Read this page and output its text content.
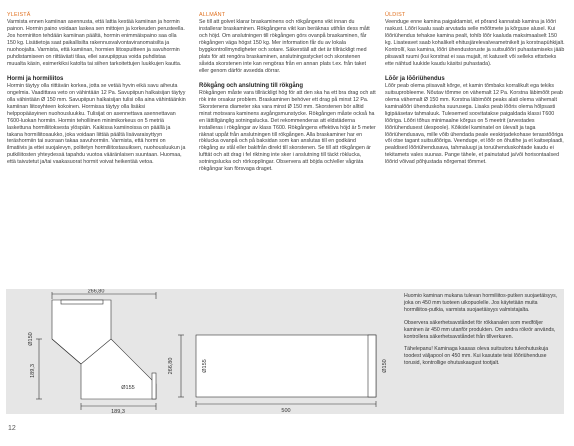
YLEISTÄ

Varmista ennen kamiinan asennusta, että lattia kestää kamiinan ja hormin painon. Hormin paino voidaan laskea sen mittojen ja korkeuden perusteella. Jos hormiriiton tehdään kamiinan päältä, hormin enimmäispaino saa olla 150 kg. Lisätietoja saat paikallisilta rakennusvalvontaviranomaisilta ja nuohoojalta. Varmista, että kamiinan, hormien liitospuitteen ja savuhormin puhdistamiseen on riittävästi tilaa, ellei savupiippua voida puhdistaa muualta käsin, esimerkiksi katolta tai siihen tarkoitettujen luukkujen kautta.

Hormi ja hormiliitos

Hormin täytyy olla riittävän korkea, jotta se vetää hyvin eikä savu aiheuta ongelmia. Vaadittava veto on vähintään 12 Pa. Savupiipun halkaisijan täytyy olla vähintään Ø 150 mm. Savupiipun halkaisijan tulisi olla aina vähintäänkin kamiinan liitosyhteen kokoinen. Hormissa täytyy olla lisäksi helppopääsyinen nuohousluukku. Tulisijat on asennettava asennettavan T600-luokan hormiin. Hormin teholliinen minimikorkeus on 5 metriä laskettuna hormiliitoksesta ylöspäin. Kaikissa kamiinoissa on päällä ja takana hormiliitosaukko, joka voidaan liittää päältä lisävaraisyttyyn teräshormiin tai suoraan takaa savuhormiin. Varmista, että hormi on ilmatiivis ja ettei suojalevyn, politetyn hormiliitostasuiksen, nuohousluukun ja putkiliitosten yhteydessä tapahdu vuotoa vääränlaisen suuntaan. Huomaa, että taivutetut ja/tai vaakasuorat hormit voivat heikentää vetoa.

ALLMÄNT

Se till att golvet klarar braskaminens och rökgångens vikt innan du installerar braskaminen. Rökgångens vikt kan beräknas utifrån dess mått och höjd. Om anslutningen till rökgången görs ovanpå braskaminen, får rökgången väga högst 150 kg. Mer information får du av lokala byggkontrollmyndigheter och sotare. Säkerställ att det är tillräckligt med plats för att rengöra braskaminen, anslutningsstycket och skorstenen såvida skorstenen inte kan rengöras från en annan plats t.ex. från taket eller genom därför avsedda dörrar.

Rökgång och anslutning till rökgång

Rökgången måste vara tillräckligt hög för att den ska ha ett bra drag och att rök inte orsakar problem. Braskaminen behöver ett drag på minst 12 Pa. Skorstenens diameter ska vara minst Ø 150 mm. Skorstenen bör alltid minst motsvara kaminens avgångsmunstycke. Rökgången måste också ha en lättillgänglig sotningslucka. Det rekommenderas att eldstäderna installeras i rökgångar av klass T600. Rökgångens effektiva höjd är 5 meter räknat uppåt från anslutningen till rökgången. Alla braskaminer har en röklucka ovanpå och på baksidan som kan anslutas till en godkänd rökgång av stål eller bakifrån direkt till skorstenen. Se till att rökgången är lufttät och att drag i fel riktning inte sker i anslutning till täckt röklucka, sotningslucka och rörkopplingar. Observera att böjda och/eller vågräta rökgångar kan försvaga draget.

ÜLDIST

Veenduge enne kamina paigaldamist, et põrand kannatab kamina ja lõõri raskust. Lõõri kaalu saab arvutada selle mõõtmete ja kõrguse alusel. Kui lõõriühendus tehakse kamina pealt, tohib lõõr kaaluda maksimaalselt 150 kg. Lisateavet saab kohalikelt ehitusjärelevalveametnikelt ja korstnapühkijalt. Kontrollí, kas kamina, lõõri ühendustoruste ja suitsulõõri puhastamiseks jääb piisavalt ruumi (kui korstnat ei saa mujalt, nt katuselt või selleks ettsrbeks ette nähtud luukide kaudu käsitsi puhastada).

Lõõr ja lõõriühendus

Lõõr peab olema piisavalt kõrge, et kamin tõmbaks korralikult ega tekiks suitsuprobleeme. Nõutav tõmme on vähemalt 12 Pa. Korstna läbimõõt peab olema vähemalt Ø 150 mm. Korstna läbimõõt peaks alati olema vähemalt kaminalõõri ühenduskoha suurusega. Lisaks peab lõõris olema hõlpsasti ligipääsetav tahmaluuk. Tulesemed soovitatakse paigaldada klassi T600 lõõriga. Lõõri tõhus minimaalne kõrgus on 5 meetrit (arvestades lõõriühendusest ülespoole). Kõikidel kaminatel on ülevalt ja taga lõõriühendusava, mille võib ühendada peale eeskirjadekohase terasstõõriga või otse tagant suitsulõõriga. Veenduge, et lõõr on õhutihe ja et kaitseplaadi, pealdised lõõriühendusava, tahmaluugi ja toruühenduskohtade kaudu ei tekitamets vales suunas. Pange tähele, et painutatud ja/või horisontaalsed lõõrid võivad põhjustada nõrgemat tõmmet.

266,80
Ø150
189,3
189,3
Ø155
266,80	Ø155
500
Ø150

Huomio kaminan mukana tulevan hormiliitos-putken suojaetäisyys, joka on 450 mm tuoteen uikopuolelle. Jos käytetään muita hormiliitos-putkia, varmista suojaetäisyys valmistajalta.

Observera säkerhetsavståndet för rökkanalen som medföljer kaminen är 450 mm utanför produkten. Om andra rökrör används, kontrollera säkerhetsavståndet från tillverkaren.

Tähelepanu! Kaminaga kaasas oleva suitsutoru tuleohutuskuja toodest väljapool on 450 mm. Kui kasutate teisi lõõriühenduse torusid, kontrollige ohutuskaugust tootjalt.

12
